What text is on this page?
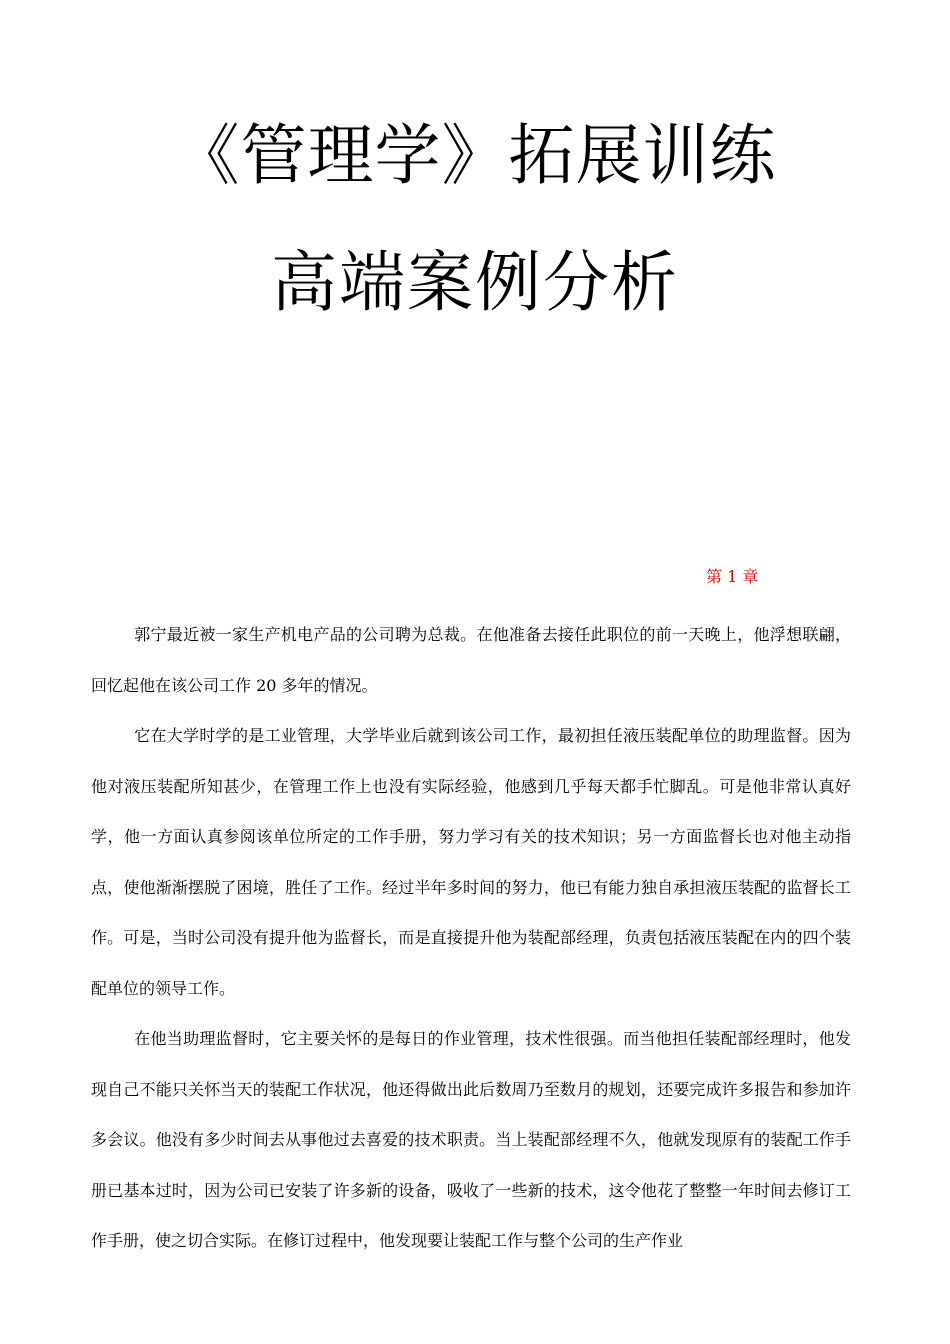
《管理学》拓展训练
高端案例分析
第 1 章

郭宁最近被一家生产机电产品的公司聘为总裁。在他准备去接任此职位的前一天晚上，他浮想联翩，回忆起他在该公司工作 20 多年的情况。

它在大学时学的是工业管理，大学毕业后就到该公司工作，最初担任液压装配单位的助理监督。因为他对液压装配所知甚少，在管理工作上也没有实际经验，他感到几乎每天都手忙脚乱。可是他非常认真好学，他一方面认真参阅该单位所定的工作手册，努力学习有关的技术知识；另一方面监督长也对他主动指点，使他渐渐摆脱了困境，胜任了工作。经过半年多时间的努力，他已有能力独自承担液压装配的监督长工作。可是，当时公司没有提升他为监督长，而是直接提升他为装配部经理，负责包括液压装配在内的四个装配单位的领导工作。

在他当助理监督时，它主要关怀的是每日的作业管理，技术性很强。而当他担任装配部经理时，他发现自己不能只关怀当天的装配工作状况，他还得做出此后数周乃至数月的规划，还要完成许多报告和参加许多会议。他没有多少时间去从事他过去喜爱的技术职责。当上装配部经理不久，他就发现原有的装配工作手册已基本过时，因为公司已安装了许多新的设备，吸收了一些新的技术，这令他花了整整一年时间去修订工作手册，使之切合实际。在修订过程中，他发现要让装配工作与整个公司的生产作业
